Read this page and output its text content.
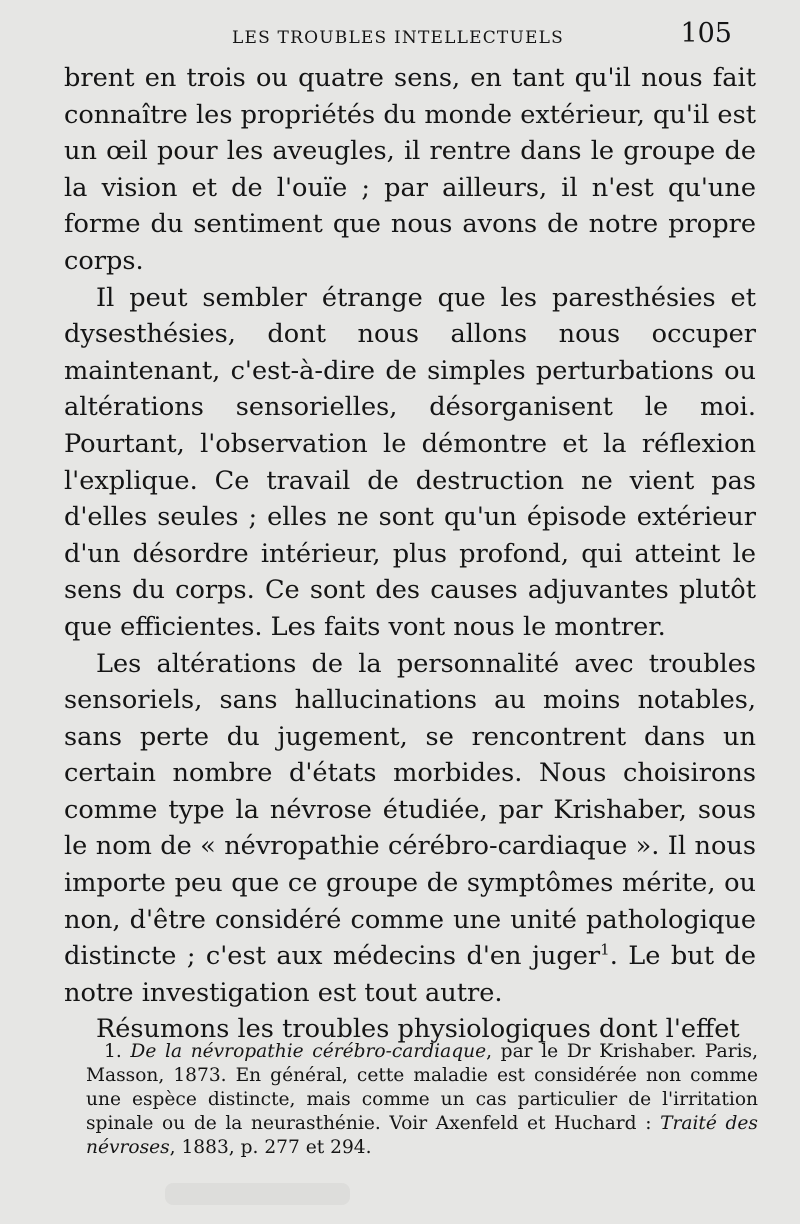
LES TROUBLES INTELLECTUELS	105

brent en trois ou quatre sens, en tant qu'il nous fait connaître les propriétés du monde extérieur, qu'il est un œil pour les aveugles, il rentre dans le groupe de la vision et de l'ouïe ; par ailleurs, il n'est qu'une forme du sentiment que nous avons de notre propre corps.

Il peut sembler étrange que les paresthésies et dysesthésies, dont nous allons nous occuper maintenant, c'est-à-dire de simples perturbations ou altérations sensorielles, désorganisent le moi. Pourtant, l'observation le démontre et la réflexion l'explique. Ce travail de destruction ne vient pas d'elles seules ; elles ne sont qu'un épisode extérieur d'un désordre intérieur, plus profond, qui atteint le sens du corps. Ce sont des causes adjuvantes plutôt que efficientes. Les faits vont nous le montrer.

Les altérations de la personnalité avec troubles sensoriels, sans hallucinations au moins notables, sans perte du jugement, se rencontrent dans un certain nombre d'états morbides. Nous choisirons comme type la névrose étudiée, par Krishaber, sous le nom de « névropathie cérébro-cardiaque ». Il nous importe peu que ce groupe de symptômes mérite, ou non, d'être considéré comme une unité pathologique distincte ; c'est aux médecins d'en juger$^1$. Le but de notre investigation est tout autre.

Résumons les troubles physiologiques dont l'effet

1. De la névropathie cérébro-cardiaque, par le Dr Krishaber. Paris, Masson, 1873. En général, cette maladie est considérée non comme une espèce distincte, mais comme un cas particulier de l'irritation spinale ou de la neurasthénie. Voir Axenfeld et Huchard : Traité des névroses, 1883, p. 277 et 294.
